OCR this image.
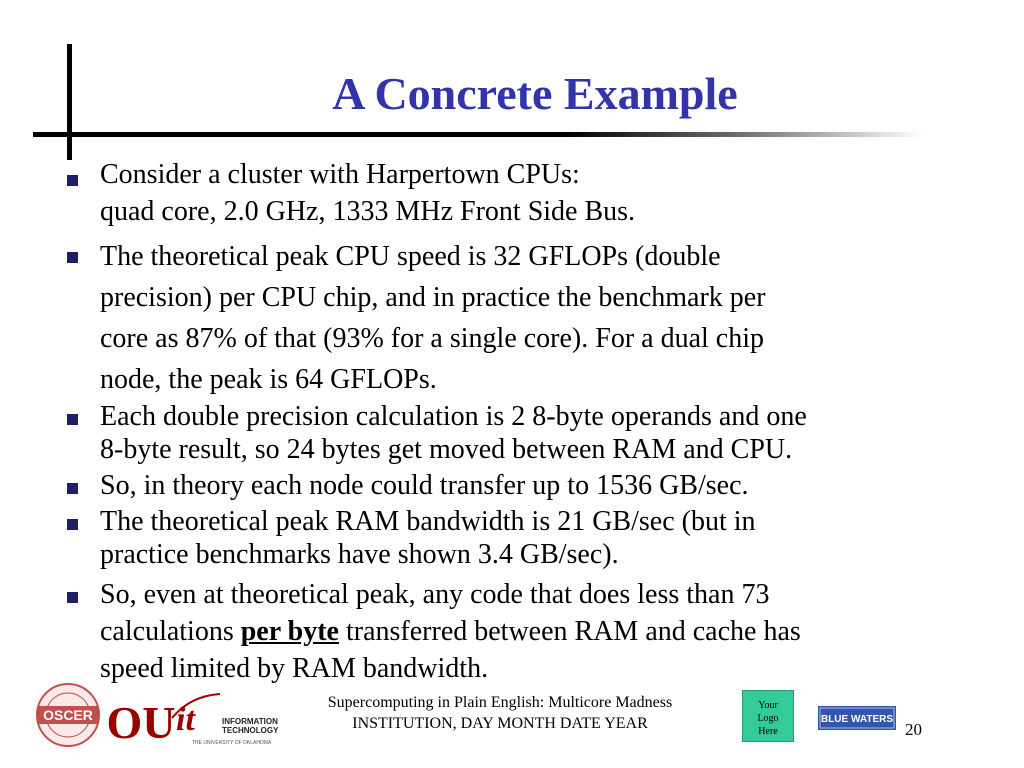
A Concrete Example
Consider a cluster with Harpertown CPUs:
quad core, 2.0 GHz, 1333 MHz Front Side Bus.
The theoretical peak CPU speed is 32 GFLOPs (double
precision) per CPU chip, and in practice the benchmark per
core as 87% of that (93% for a single core). For a dual chip
node, the peak is 64 GFLOPs.
Each double precision calculation is 2 8-byte operands and one
8-byte result, so 24 bytes get moved between RAM and CPU.
So, in theory each node could transfer up to 1536 GB/sec.
The theoretical peak RAM bandwidth is 21 GB/sec (but in
practice benchmarks have shown 3.4 GB/sec).
So, even at theoretical peak, any code that does less than 73
calculations per byte transferred between RAM and cache has
speed limited by RAM bandwidth.
OSCER OU it	INFORMATION
TECHNOLOGY
THE UNIVERSITY OF OKLAHOMA
Supercomputing in Plain English: Multicore Madness
INSTITUTION, DAY MONTH DATE YEAR
Your
Logo
Here
BLUE WATERS
20
